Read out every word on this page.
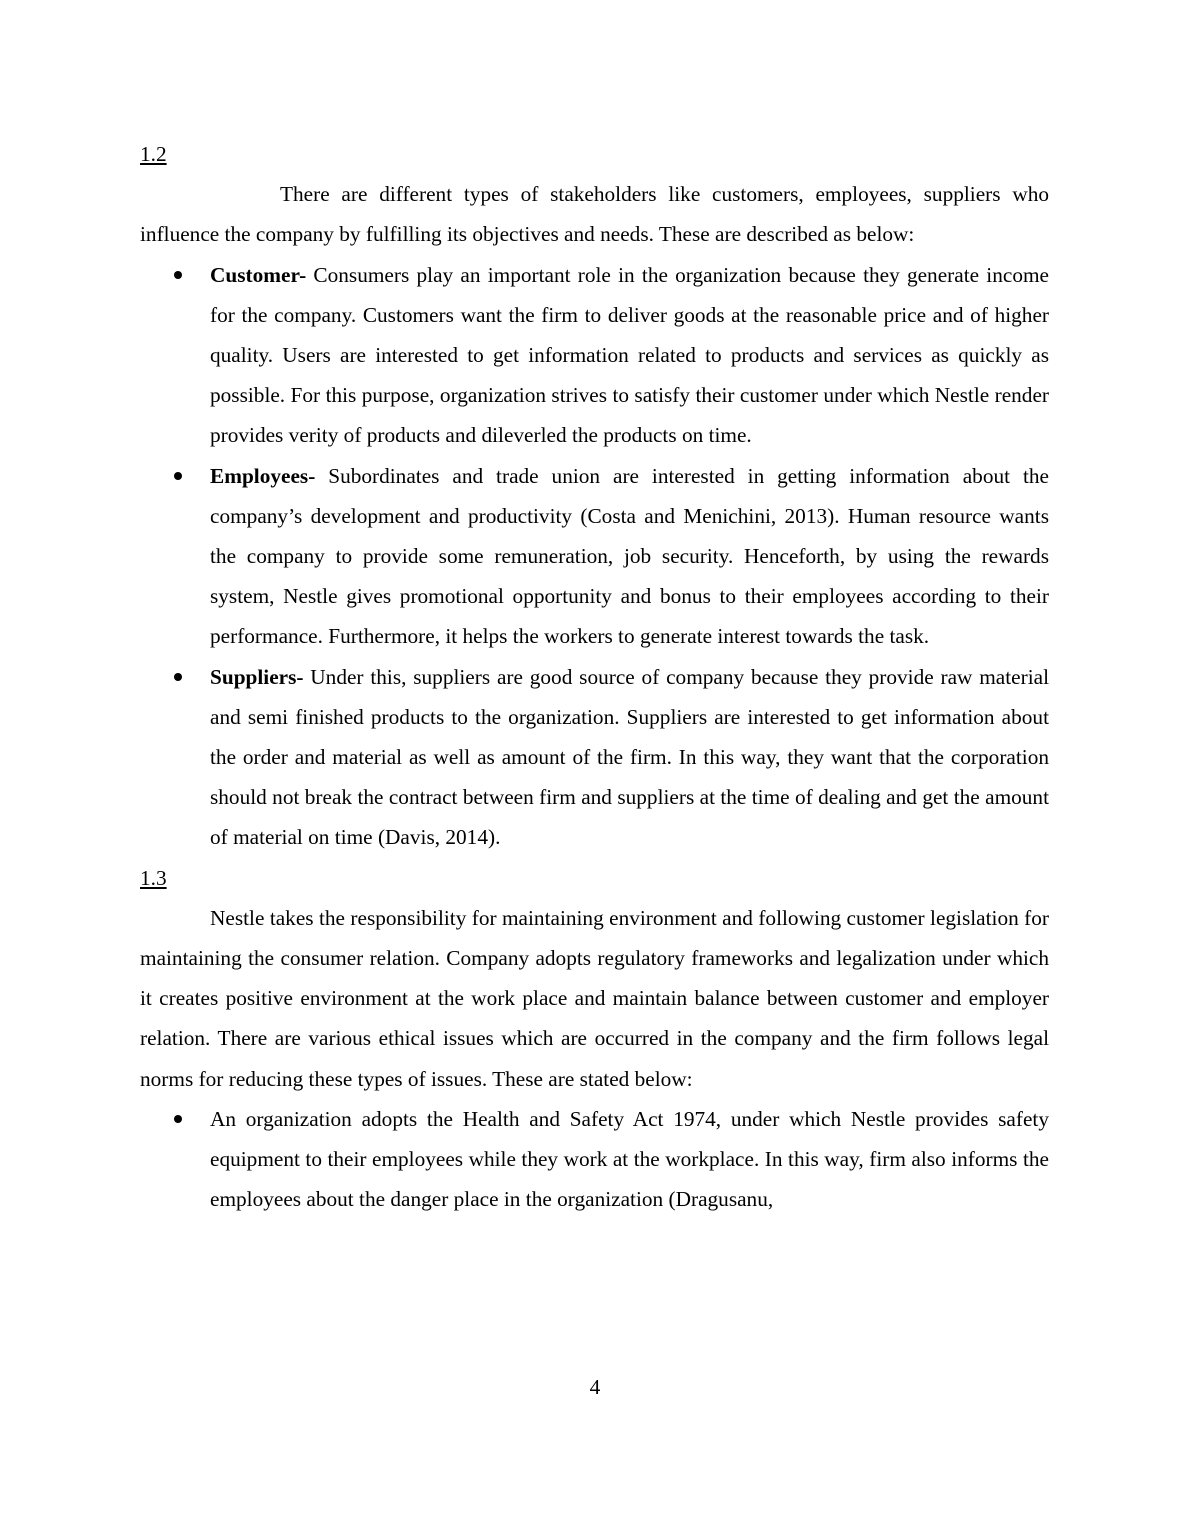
1.2

There are different types of stakeholders like customers, employees, suppliers who influence the company by fulfilling its objectives and needs. These are described as below:

Customer- Consumers play an important role in the organization because they generate income for the company. Customers want the firm to deliver goods at the reasonable price and of higher quality. Users are interested to get information related to products and services as quickly as possible. For this purpose, organization strives to satisfy their customer under which Nestle render provides verity of products and dileverled the products on time.
Employees- Subordinates and trade union are interested in getting information about the company’s development and productivity (Costa and Menichini, 2013). Human resource wants the company to provide some remuneration, job security. Henceforth, by using the rewards system, Nestle gives promotional opportunity and bonus to their employees according to their performance. Furthermore, it helps the workers to generate interest towards the task.
Suppliers- Under this, suppliers are good source of company because they provide raw material and semi finished products to the organization. Suppliers are interested to get information about the order and material as well as amount of the firm. In this way, they want that the corporation should not break the contract between firm and suppliers at the time of dealing and get the amount of material on time (Davis, 2014).

1.3

Nestle takes the responsibility for maintaining environment and following customer legislation for maintaining the consumer relation. Company adopts regulatory frameworks and legalization under which it creates positive environment at the work place and maintain balance between customer and employer relation. There are various ethical issues which are occurred in the company and the firm follows legal norms for reducing these types of issues. These are stated below:

An organization adopts the Health and Safety Act 1974, under which Nestle provides safety equipment to their employees while they work at the workplace. In this way, firm also informs the employees about the danger place in the organization (Dragusanu,
4
